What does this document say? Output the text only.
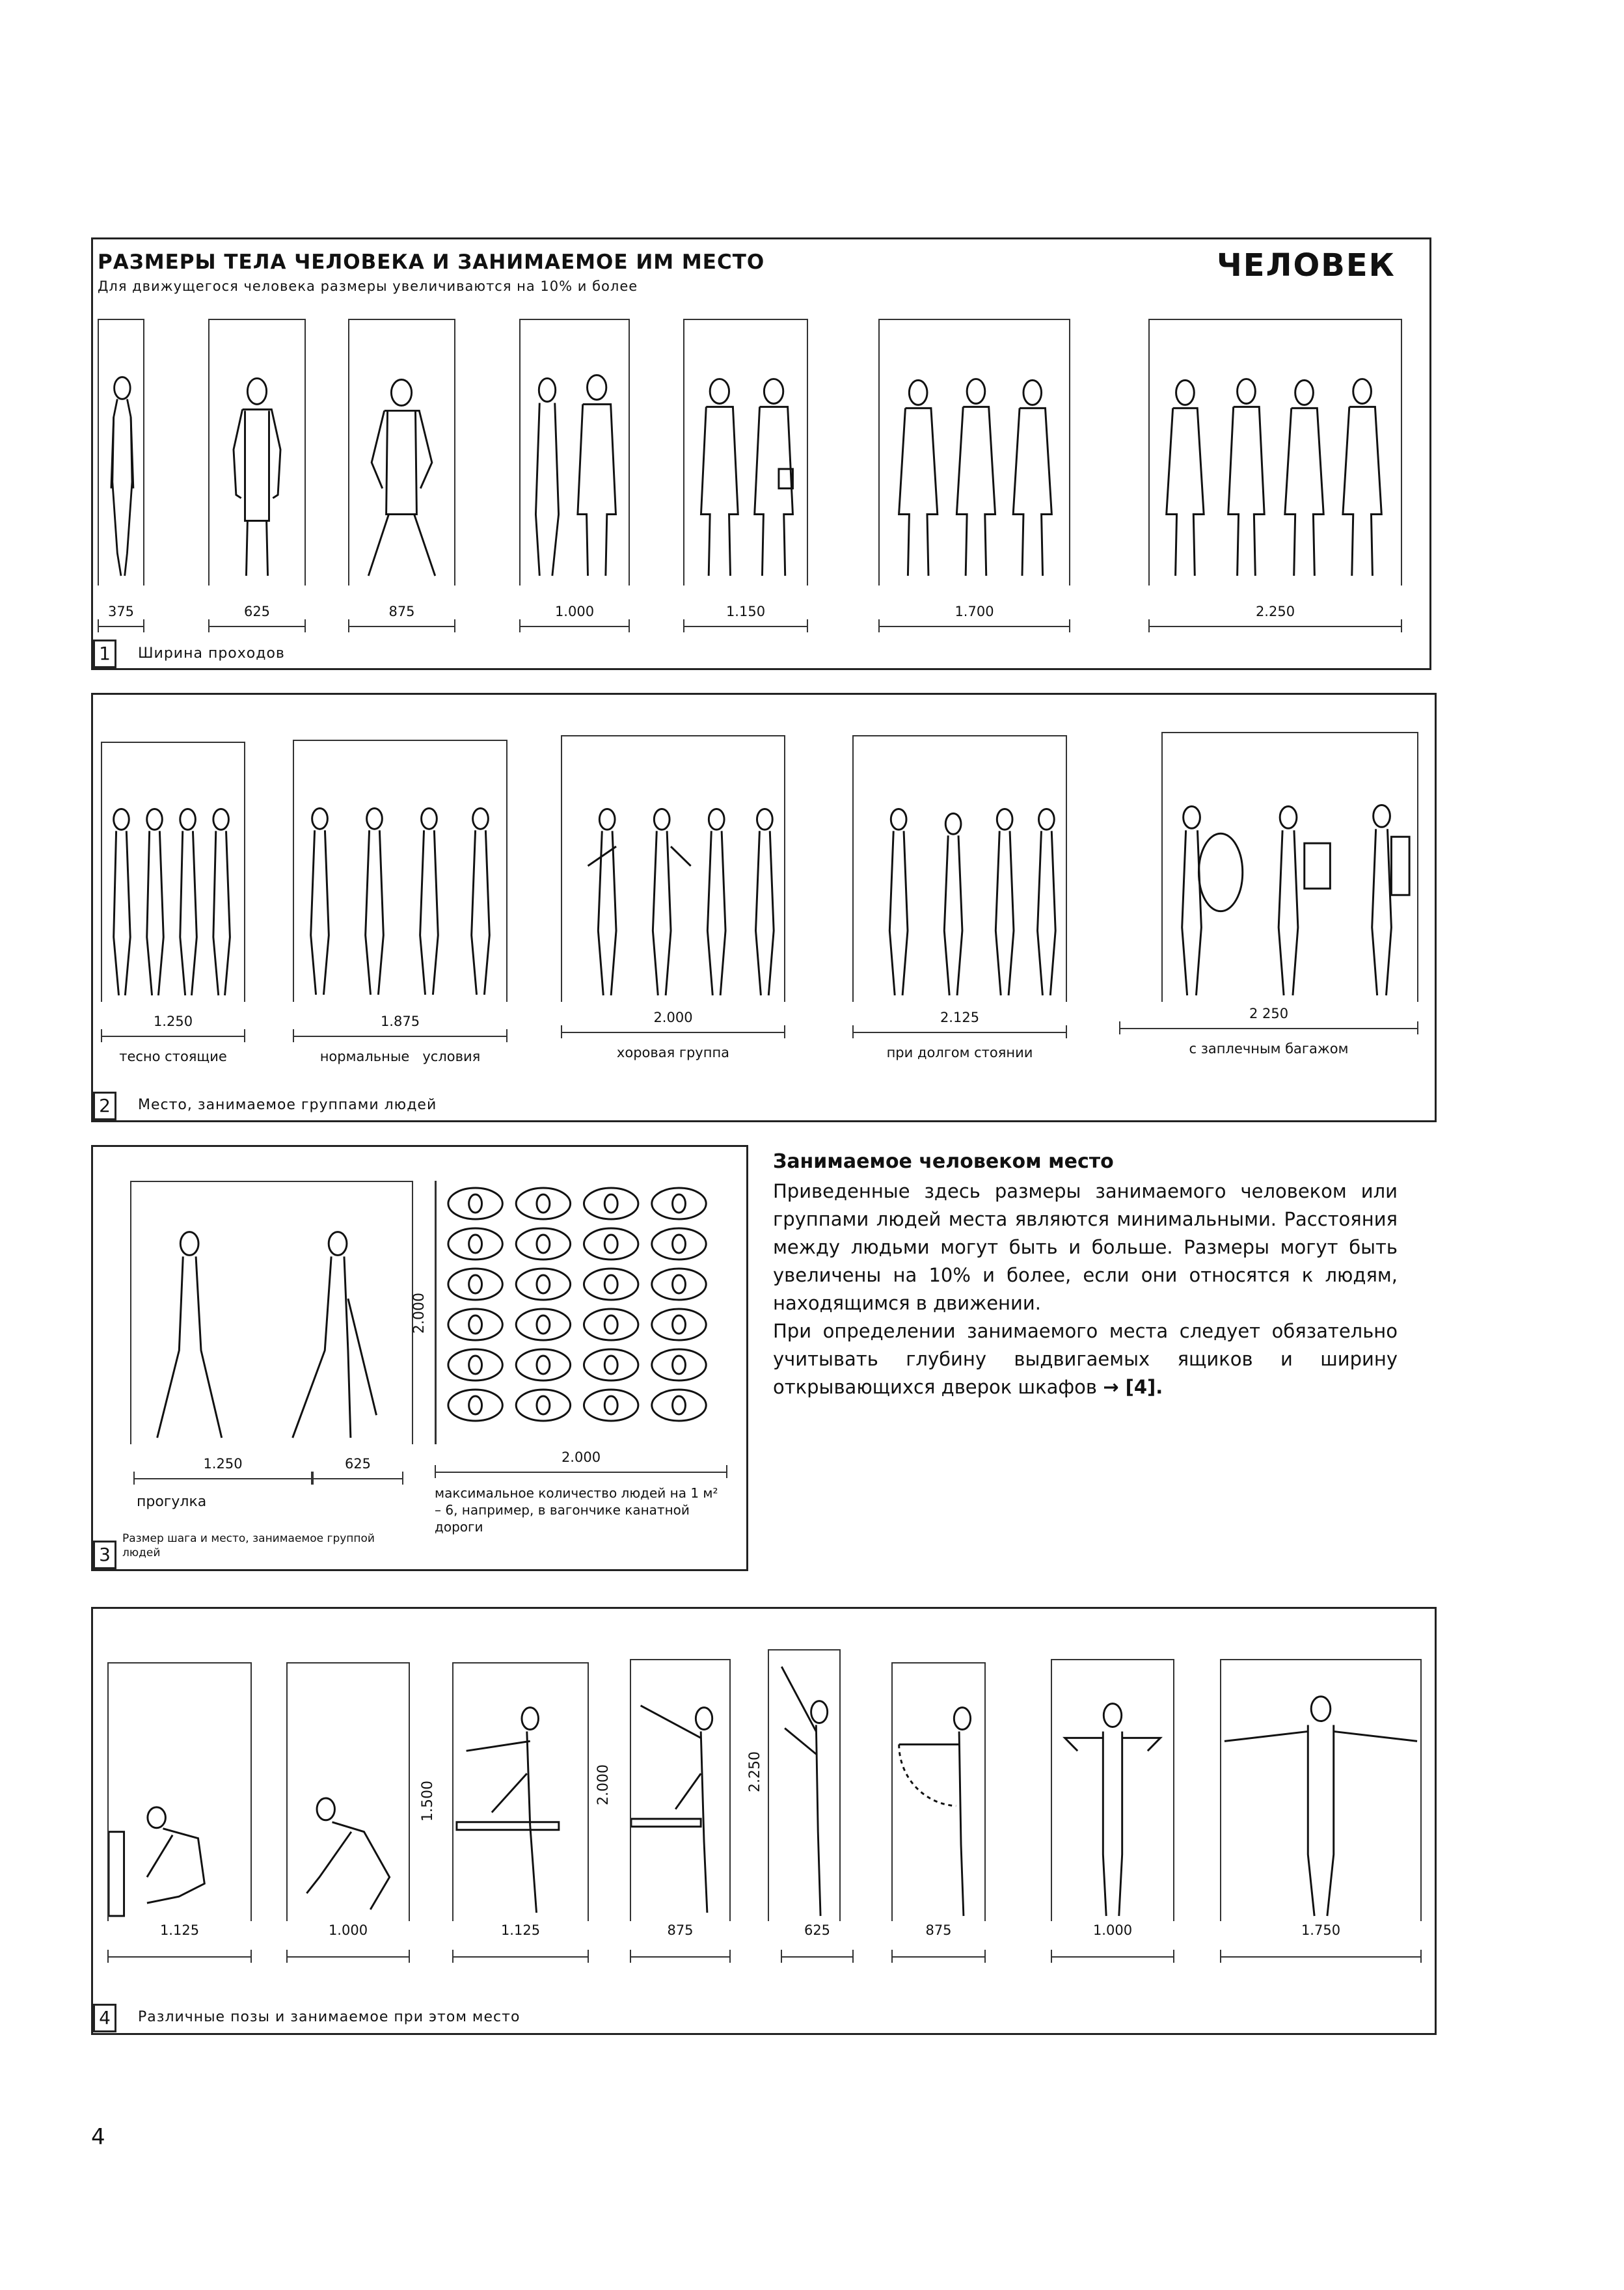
РАЗМЕРЫ ТЕЛА ЧЕЛОВЕКА И ЗАНИМАЕМОЕ ИМ МЕСТО
Для движущегося человека размеры увеличиваются на 10% и более
ЧЕЛОВЕК
375	625	875	1.000	1.150	1.700	2.250
1	Ширина проходов
1.250	1.875	2.000	2.125	2 250
тесно стоящие	нормальные   условия	хоровая группа	при долгом стоянии	с заплечным багажом
2	Место, занимаемое группами людей
2.000
1.250	625	2.000
прогулка
максимальное количество людей на 1 м² – 6, например, в вагончике канатной дороги
3
Размер шага и место, занимаемое группой людей
Занимаемое человеком место
Приведенные здесь размеры занимаемого человеком или группами людей места являются минимальными. Расстояния между людьми могут быть и больше. Размеры могут быть увеличены на 10% и более, если они относятся к людям, находящимся в движении.
При определении занимаемого места следует обязательно учитывать глубину выдвигаемых ящиков и ширину открывающихся дверок шкафов → [4].
1.500	2.000	2.250
1.125	1.000	1.125	875	625	875	1.000	1.750
4	Различные позы и занимаемое при этом место
4
